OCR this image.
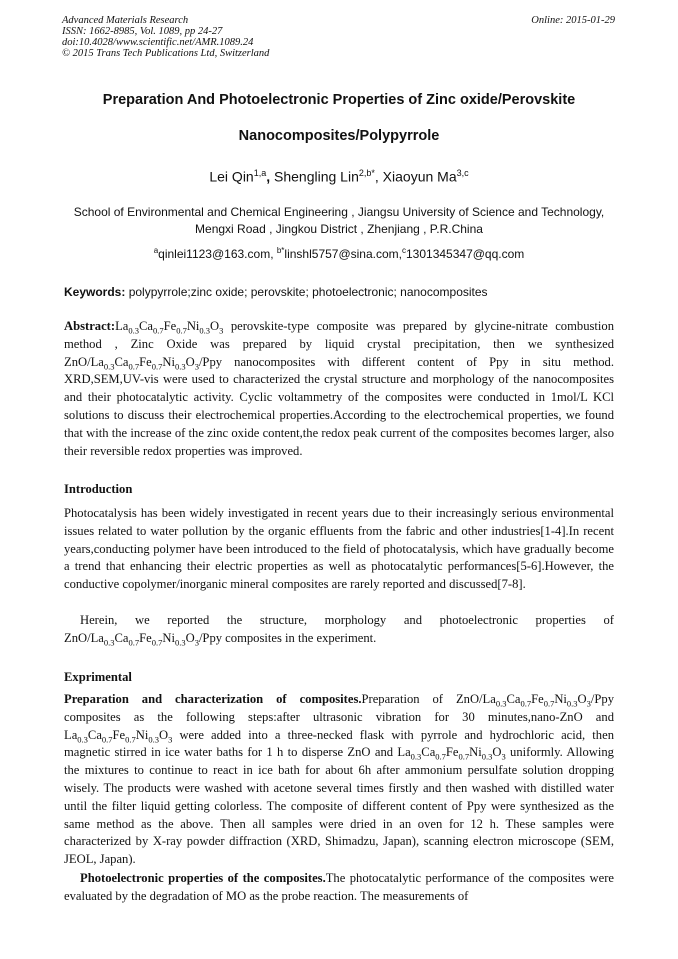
Advanced Materials Research
ISSN: 1662-8985, Vol. 1089, pp 24-27
doi:10.4028/www.scientific.net/AMR.1089.24
© 2015 Trans Tech Publications Ltd, Switzerland
Online: 2015-01-29
Preparation And Photoelectronic Properties of Zinc oxide/Perovskite
Nanocomposites/Polypyrrole
Lei Qin$^{1,a}$, Shengling Lin$^{2,b*}$, Xiaoyun Ma$^{3,c}$
School of Environmental and Chemical Engineering , Jiangsu University of Science and Technology,
Mengxi Road , Jingkou District , Zhenjiang , P.R.China
$^a$qinlei1123@163.com, $^{b*}$linshl5757@sina.com,$^c$1301345347@qq.com
Keywords: polypyrrole;zinc oxide; perovskite; photoelectronic; nanocomposites
$Abstract:La_{0.3}Ca_{0.7}Fe_{0.7}Ni_{0.3}O_3$ perovskite-type composite was prepared by glycine-nitrate combustion method , Zinc Oxide was prepared by liquid crystal precipitation, then we synthesized ZnO/$La_{0.3}Ca_{0.7}Fe_{0.7}Ni_{0.3}O_3$/Ppy nanocomposites with different content of Ppy in situ method. XRD,SEM,UV-vis were used to characterized the crystal structure and morphology of the nanocomposites and their photocatalytic activity. Cyclic voltammetry of the composites were conducted in 1mol/L KCl solutions to discuss their electrochemical properties.According to the electrochemical properties, we found that with the increase of the zinc oxide content,the redox peak current of the composites becomes larger, also their reversible redox properties was improved.
Introduction
Photocatalysis has been widely investigated in recent years due to their increasingly serious environmental issues related to water pollution by the organic effluents from the fabric and other industries[1-4].In recent years,conducting polymer have been introduced to the field of photocatalysis, which have gradually become a trend that enhancing their electric properties as well as photocatalytic performances[5-6].However, the conductive copolymer/inorganic mineral composites are rarely reported and discussed[7-8].
Herein, we reported the structure, morphology and photoelectronic properties of ZnO/$La_{0.3}Ca_{0.7}Fe_{0.7}Ni_{0.3}O_3$/Ppy composites in the experiment.
Exprimental
Preparation and characterization of composites.Preparation of ZnO/$La_{0.3}Ca_{0.7}Fe_{0.7}Ni_{0.3}O_3$/Ppy composites as the following steps:after ultrasonic vibration for 30 minutes,nano-ZnO and $La_{0.3}Ca_{0.7}Fe_{0.7}Ni_{0.3}O_3$ were added into a three-necked flask with pyrrole and hydrochloric acid, then magnetic stirred in ice water baths for 1 h to disperse ZnO and $La_{0.3}Ca_{0.7}Fe_{0.7}Ni_{0.3}O_3$ uniformly. Allowing the mixtures to continue to react in ice bath for about 6h after ammonium persulfate solution dropping wisely. The products were washed with acetone several times firstly and then washed with distilled water until the filter liquid getting colorless. The composite of different content of Ppy were synthesized as the same method as the above. Then all samples were dried in an oven for 12 h. These samples were characterized by X-ray powder diffraction (XRD, Shimadzu, Japan), scanning electron microscope (SEM, JEOL, Japan).
Photoelectronic properties of the composites.The photocatalytic performance of the composites were evaluated by the degradation of MO as the probe reaction. The measurements of
